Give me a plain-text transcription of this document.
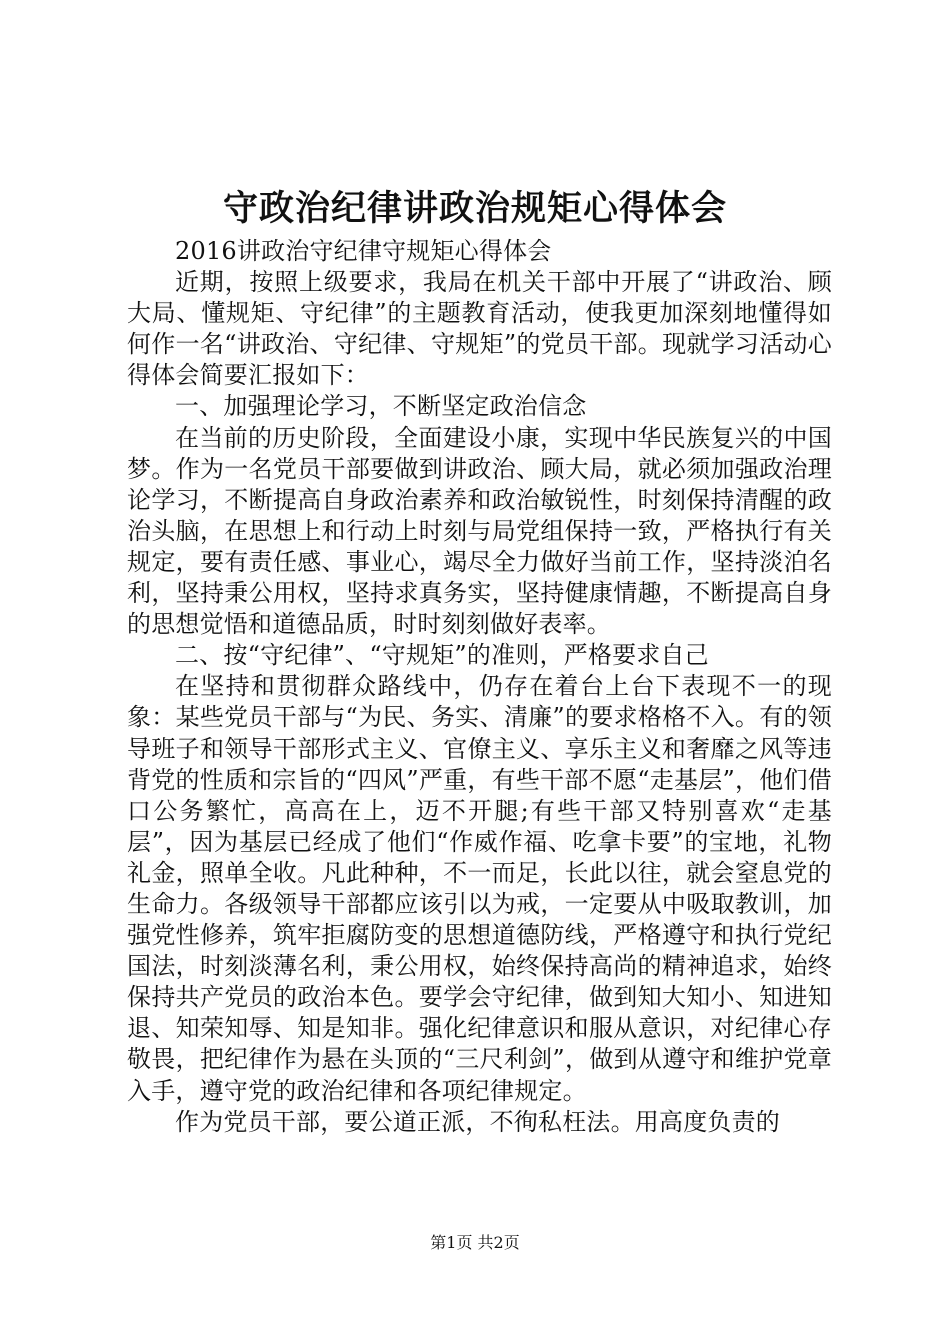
守政治纪律讲政治规矩心得体会

2016讲政治守纪律守规矩心得体会

近期，按照上级要求，我局在机关干部中开展了“讲政治、顾大局、懂规矩、守纪律”的主题教育活动，使我更加深刻地懂得如何作一名“讲政治、守纪律、守规矩”的党员干部。现就学习活动心得体会简要汇报如下：

一、加强理论学习，不断坚定政治信念

在当前的历史阶段，全面建设小康，实现中华民族复兴的中国梦。作为一名党员干部要做到讲政治、顾大局，就必须加强政治理论学习，不断提高自身政治素养和政治敏锐性，时刻保持清醒的政治头脑，在思想上和行动上时刻与局党组保持一致，严格执行有关规定，要有责任感、事业心，竭尽全力做好当前工作，坚持淡泊名利，坚持秉公用权，坚持求真务实，坚持健康情趣，不断提高自身的思想觉悟和道德品质，时时刻刻做好表率。

二、按“守纪律”、“守规矩”的准则，严格要求自己

在坚持和贯彻群众路线中，仍存在着台上台下表现不一的现象：某些党员干部与“为民、务实、清廉”的要求格格不入。有的领导班子和领导干部形式主义、官僚主义、享乐主义和奢靡之风等违背党的性质和宗旨的“四风”严重，有些干部不愿“走基层”，他们借口公务繁忙，高高在上，迈不开腿;有些干部又特别喜欢“走基层”，因为基层已经成了他们“作威作福、吃拿卡要”的宝地，礼物礼金，照单全收。凡此种种，不一而足，长此以往，就会窒息党的生命力。各级领导干部都应该引以为戒，一定要从中吸取教训，加强党性修养，筑牢拒腐防变的思想道德防线，严格遵守和执行党纪国法，时刻淡薄名利，秉公用权，始终保持高尚的精神追求，始终保持共产党员的政治本色。要学会守纪律，做到知大知小、知进知退、知荣知辱、知是知非。强化纪律意识和服从意识，对纪律心存敬畏，把纪律作为悬在头顶的“三尺利剑”，做到从遵守和维护党章入手，遵守党的政治纪律和各项纪律规定。

作为党员干部，要公道正派，不徇私枉法。用高度负责的

第1页 共2页
